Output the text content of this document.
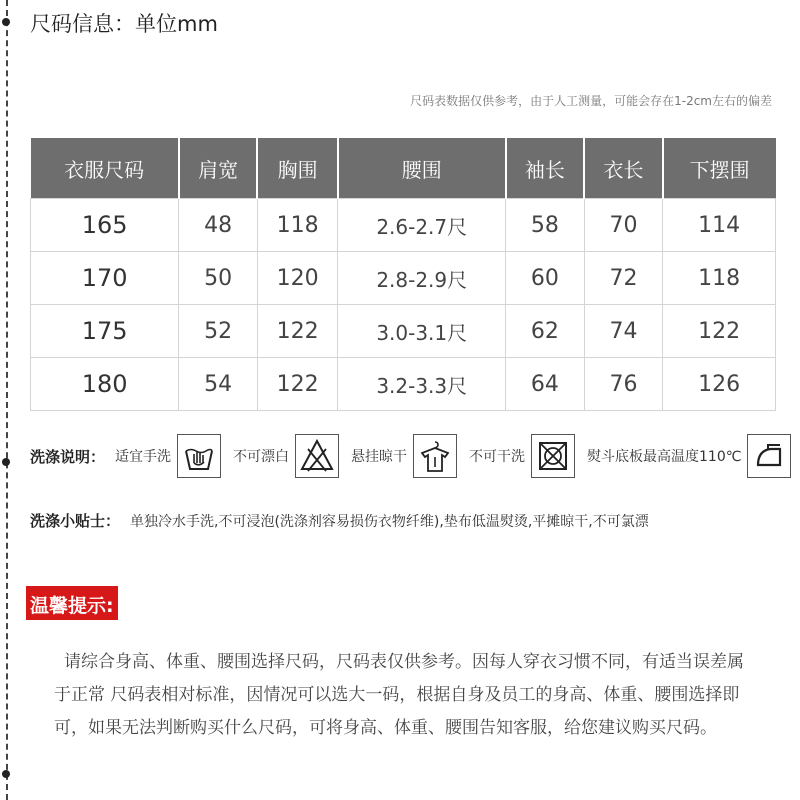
尺码信息：单位mm
尺码表数据仅供参考，由于人工测量，可能会存在1-2cm左右的偏差
衣服尺码	肩宽	胸围	腰围	袖长	衣长	下摆围
165	48	118	2.6-2.7尺	58	70	114
170	50	120	2.8-2.9尺	60	72	118
175	52	122	3.0-3.1尺	62	74	122
180	54	122	3.2-3.3尺	64	76	126
洗涤说明： 适宜手洗	不可漂白	悬挂晾干	不可干洗	熨斗底板最高温度110℃
洗涤小贴士： 单独冷水手洗,不可浸泡(洗涤剂容易损伤衣物纤维),垫布低温熨烫,平摊晾干,不可氯漂
温馨提示:

请综合身高、体重、腰围选择尺码，尺码表仅供参考。因每人穿衣习惯不同，有适当误差属于正常 尺码表相对标准，因情况可以选大一码，根据自身及员工的身高、体重、腰围选择即可，如果无法判断购买什么尺码，可将身高、体重、腰围告知客服，给您建议购买尺码。
